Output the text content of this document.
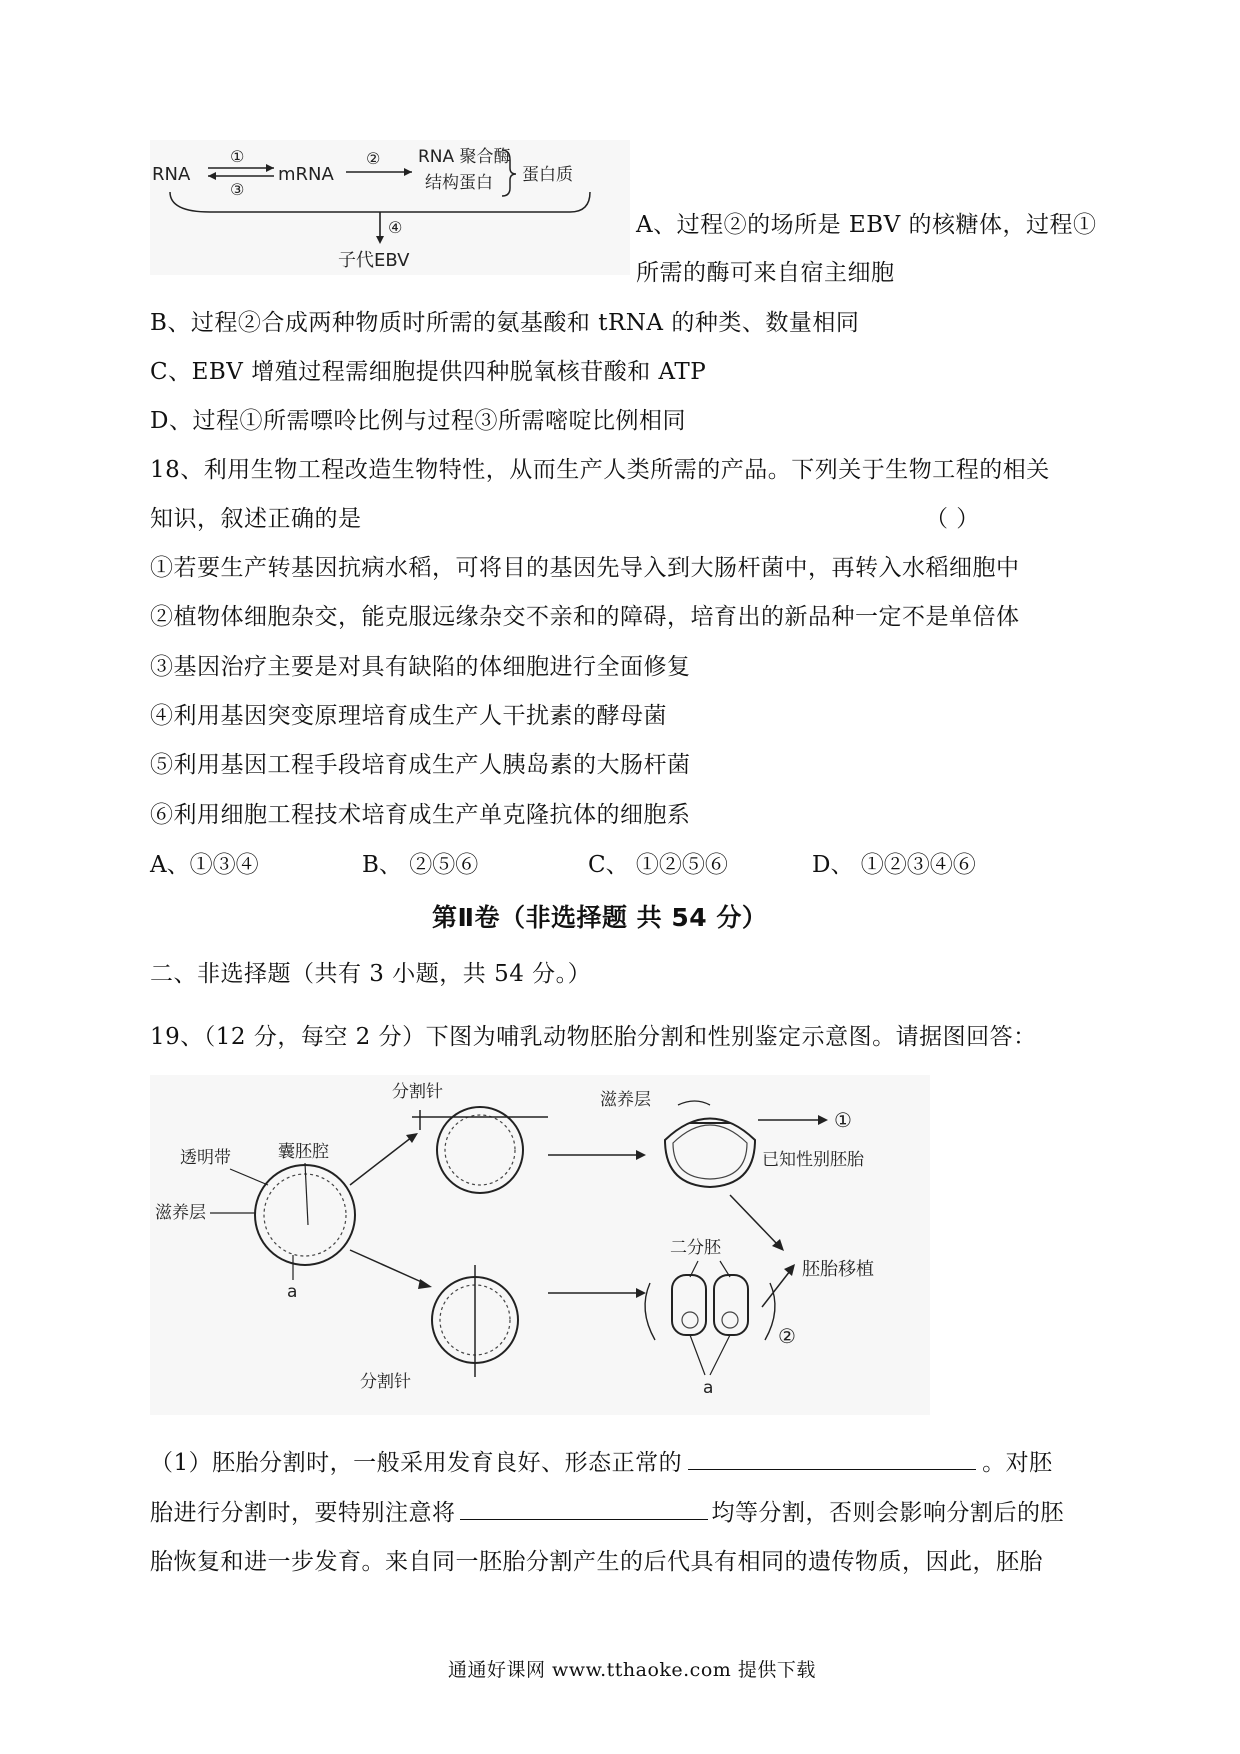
RNA
①
③
mRNA
② RNA 聚合酶
结构蛋白 蛋白质
④
子代EBV
A、过程②的场所是 EBV 的核糖体，过程①
所需的酶可来自宿主细胞
B、过程②合成两种物质时所需的氨基酸和 tRNA 的种类、数量相同
C、EBV 增殖过程需细胞提供四种脱氧核苷酸和 ATP
D、过程①所需嘌呤比例与过程③所需嘧啶比例相同
18、利用生物工程改造生物特性，从而生产人类所需的产品。下列关于生物工程的相关
知识，叙述正确的是	（ ）
①若要生产转基因抗病水稻，可将目的基因先导入到大肠杆菌中，再转入水稻细胞中
②植物体细胞杂交，能克服远缘杂交不亲和的障碍，培育出的新品种一定不是单倍体
③基因治疗主要是对具有缺陷的体细胞进行全面修复
④利用基因突变原理培育成生产人干扰素的酵母菌
⑤利用基因工程手段培育成生产人胰岛素的大肠杆菌
⑥利用细胞工程技术培育成生产单克隆抗体的细胞系
A、①③④	B、 ②⑤⑥	C、 ①②⑤⑥	D、 ①②③④⑥
第Ⅱ卷（非选择题 共 54 分）
二、非选择题（共有 3 小题，共 54 分。）
19、（12 分，每空 2 分）下图为哺乳动物胚胎分割和性别鉴定示意图。请据图回答：
透明带	囊胚腔
滋养层
a
分割针
分割针
滋养层
①
已知性别胚胎
二分胚
a
②
胚胎移植
（1）胚胎分割时，一般采用发育良好、形态正常的	。对胚
胎进行分割时，要特别注意将	均等分割，否则会影响分割后的胚
胎恢复和进一步发育。来自同一胚胎分割产生的后代具有相同的遗传物质，因此，胚胎
通通好课网 www.tthaoke.com 提供下载
